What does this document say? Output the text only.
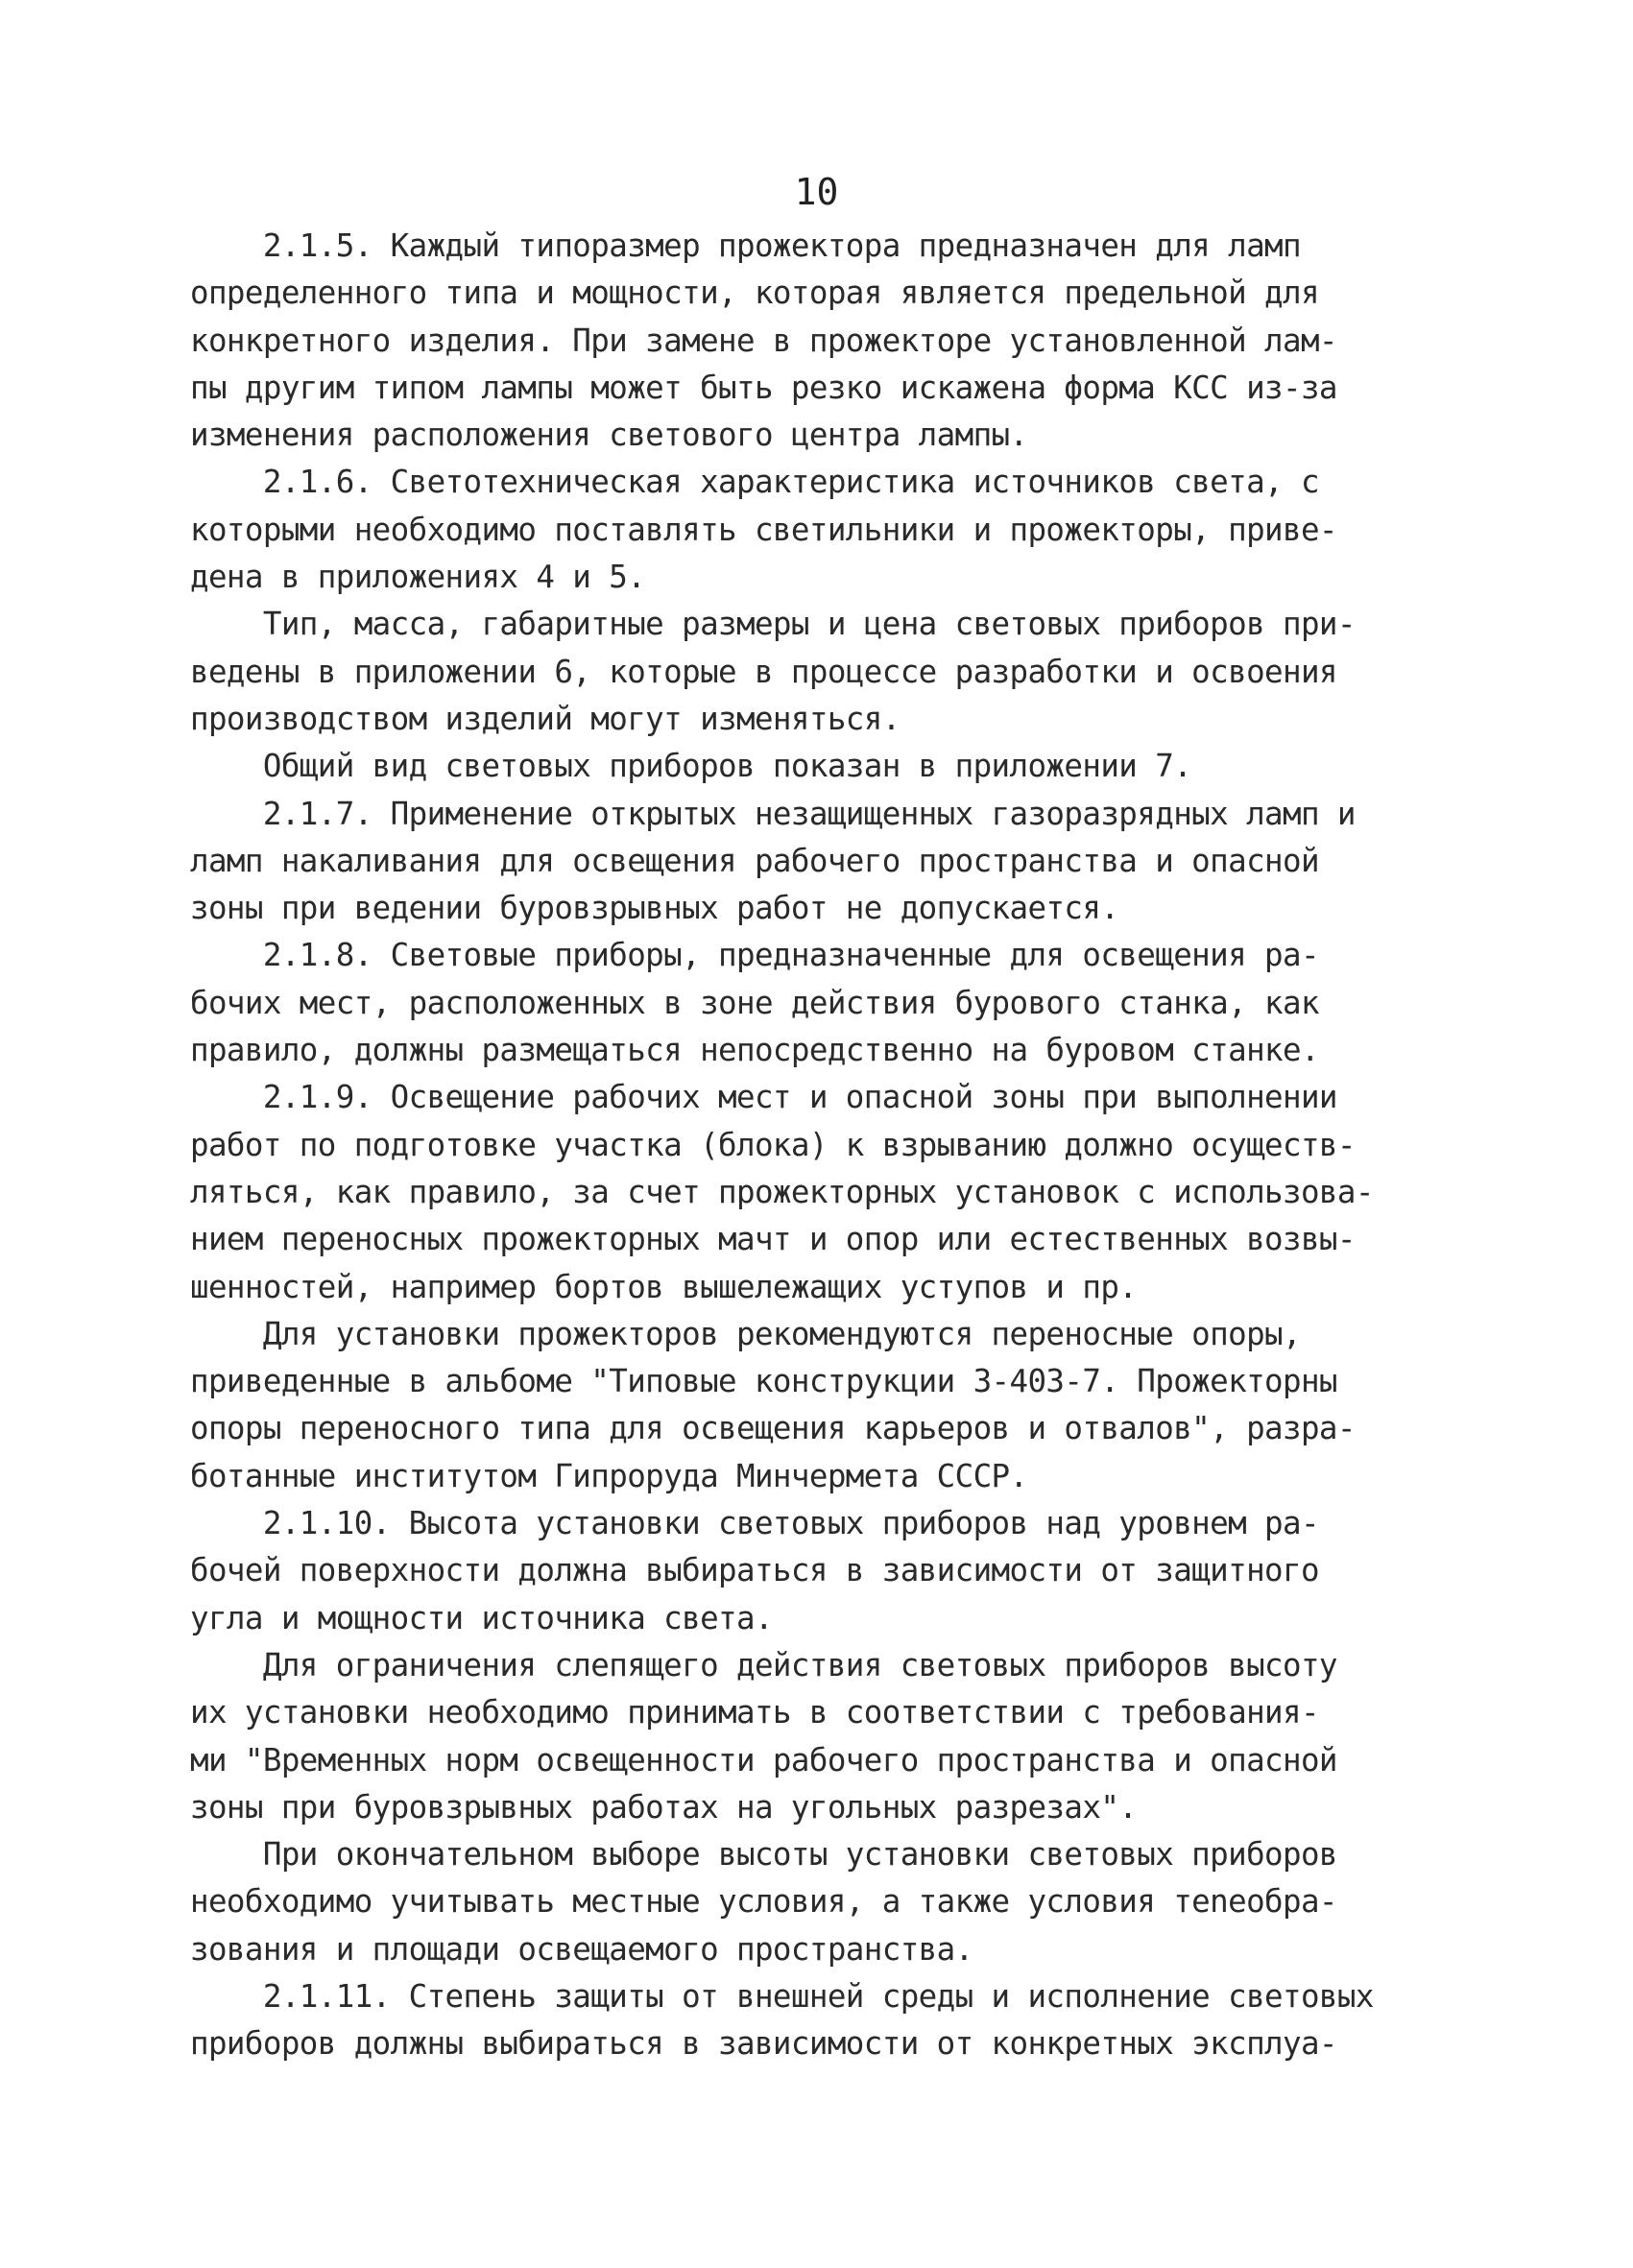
10
2.1.5. Каждый типоразмер прожектора предназначен для ламп
определенного типа и мощности, которая является предельной для
конкретного изделия. При замене в прожекторе установленной лам-
пы другим типом лампы может быть резко искажена форма КСС из-за
изменения расположения светового центра лампы.
2.1.6. Светотехническая характеристика источников света, с
которыми необходимо поставлять светильники и прожекторы, приве-
дена в приложениях 4 и 5.
Тип, масса, габаритные размеры и цена световых приборов при-
ведены в приложении 6, которые в процессе разработки и освоения
производством изделий могут изменяться.
Общий вид световых приборов показан в приложении 7.
2.1.7. Применение открытых незащищенных газоразрядных ламп и
ламп накаливания для освещения рабочего пространства и опасной
зоны при ведении буровзрывных работ не допускается.
2.1.8. Световые приборы, предназначенные для освещения ра-
бочих мест, расположенных в зоне действия бурового станка, как
правило, должны размещаться непосредственно на буровом станке.
2.1.9. Освещение рабочих мест и опасной зоны при выполнении
работ по подготовке участка (блока) к взрыванию должно осуществ-
ляться, как правило, за счет прожекторных установок с использова-
нием переносных прожекторных мачт и опор или естественных возвы-
шенностей, например бортов вышележащих уступов и пр.
Для установки прожекторов рекомендуются переносные опоры,
приведенные в альбоме "Типовые конструкции 3-403-7. Прожекторны
опоры переносного типа для освещения карьеров и отвалов", разра-
ботанные институтом Гипроруда Минчермета СССР.
2.1.10. Высота установки световых приборов над уровнем ра-
бочей поверхности должна выбираться в зависимости от защитного
угла и мощности источника света.
Для ограничения слепящего действия световых приборов высоту
их установки необходимо принимать в соответствии с требования-
ми "Временных норм освещенности рабочего пространства и опасной
зоны при буровзрывных работах на угольных разрезах".
При окончательном выборе высоты установки световых приборов
необходимо учитывать местные условия, а также условия теneобра-
зования и площади освещаемого пространства.
2.1.11. Степень защиты от внешней среды и исполнение световых
приборов должны выбираться в зависимости от конкретных эксплуа-
